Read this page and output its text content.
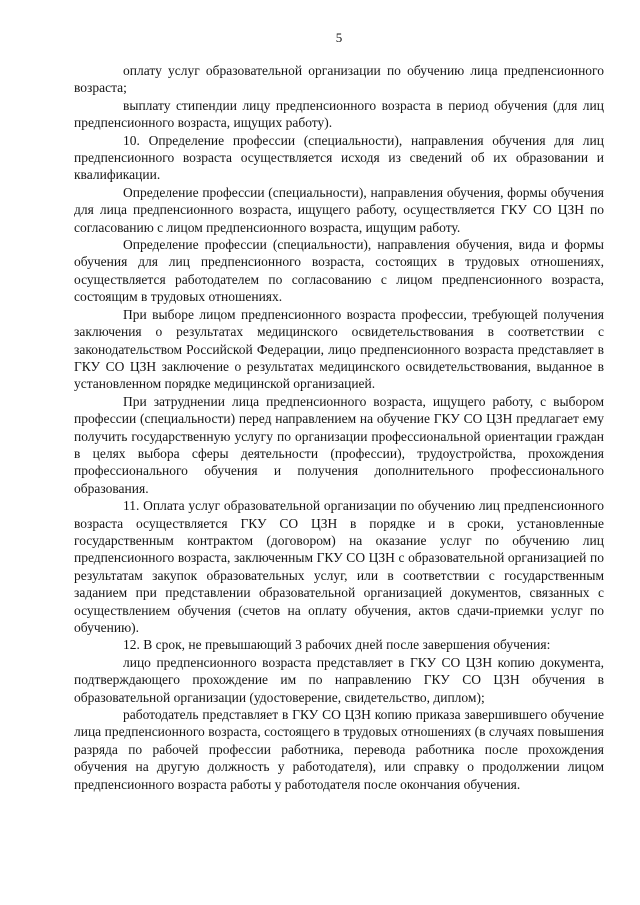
5

оплату услуг образовательной организации по обучению лица предпенсионного возраста;

выплату стипендии лицу предпенсионного возраста в период обучения (для лиц предпенсионного возраста, ищущих работу).

10. Определение профессии (специальности), направления обучения для лиц предпенсионного возраста осуществляется исходя из сведений об их образовании и квалификации.

Определение профессии (специальности), направления обучения, формы обучения для лица предпенсионного возраста, ищущего работу, осуществляется ГКУ СО ЦЗН по согласованию с лицом предпенсионного возраста, ищущим работу.

Определение профессии (специальности), направления обучения, вида и формы обучения для лиц предпенсионного возраста, состоящих в трудовых отношениях, осуществляется работодателем по согласованию с лицом предпенсионного возраста, состоящим в трудовых отношениях.

При выборе лицом предпенсионного возраста профессии, требующей получения заключения о результатах медицинского освидетельствования в соответствии с законодательством Российской Федерации, лицо предпенсионного возраста представляет в ГКУ СО ЦЗН заключение о результатах медицинского освидетельствования, выданное в установленном порядке медицинской организацией.

При затруднении лица предпенсионного возраста, ищущего работу, с выбором профессии (специальности) перед направлением на обучение ГКУ СО ЦЗН предлагает ему получить государственную услугу по организации профессиональной ориентации граждан в целях выбора сферы деятельности (профессии), трудоустройства, прохождения профессионального обучения и получения дополнительного профессионального образования.

11. Оплата услуг образовательной организации по обучению лиц предпенсионного возраста осуществляется ГКУ СО ЦЗН в порядке и в сроки, установленные государственным контрактом (договором) на оказание услуг по обучению лиц предпенсионного возраста, заключенным ГКУ СО ЦЗН с образовательной организацией по результатам закупок образовательных услуг, или в соответствии с государственным заданием при представлении образовательной организацией документов, связанных с осуществлением обучения (счетов на оплату обучения, актов сдачи-приемки услуг по обучению).

12. В срок, не превышающий 3 рабочих дней после завершения обучения:

лицо предпенсионного возраста представляет в ГКУ СО ЦЗН копию документа, подтверждающего прохождение им по направлению ГКУ СО ЦЗН обучения в образовательной организации (удостоверение, свидетельство, диплом);

работодатель представляет в ГКУ СО ЦЗН копию приказа завершившего обучение лица предпенсионного возраста, состоящего в трудовых отношениях (в случаях повышения разряда по рабочей профессии работника, перевода работника после прохождения обучения на другую должность у работодателя), или справку о продолжении лицом предпенсионного возраста работы у работодателя после окончания обучения.
